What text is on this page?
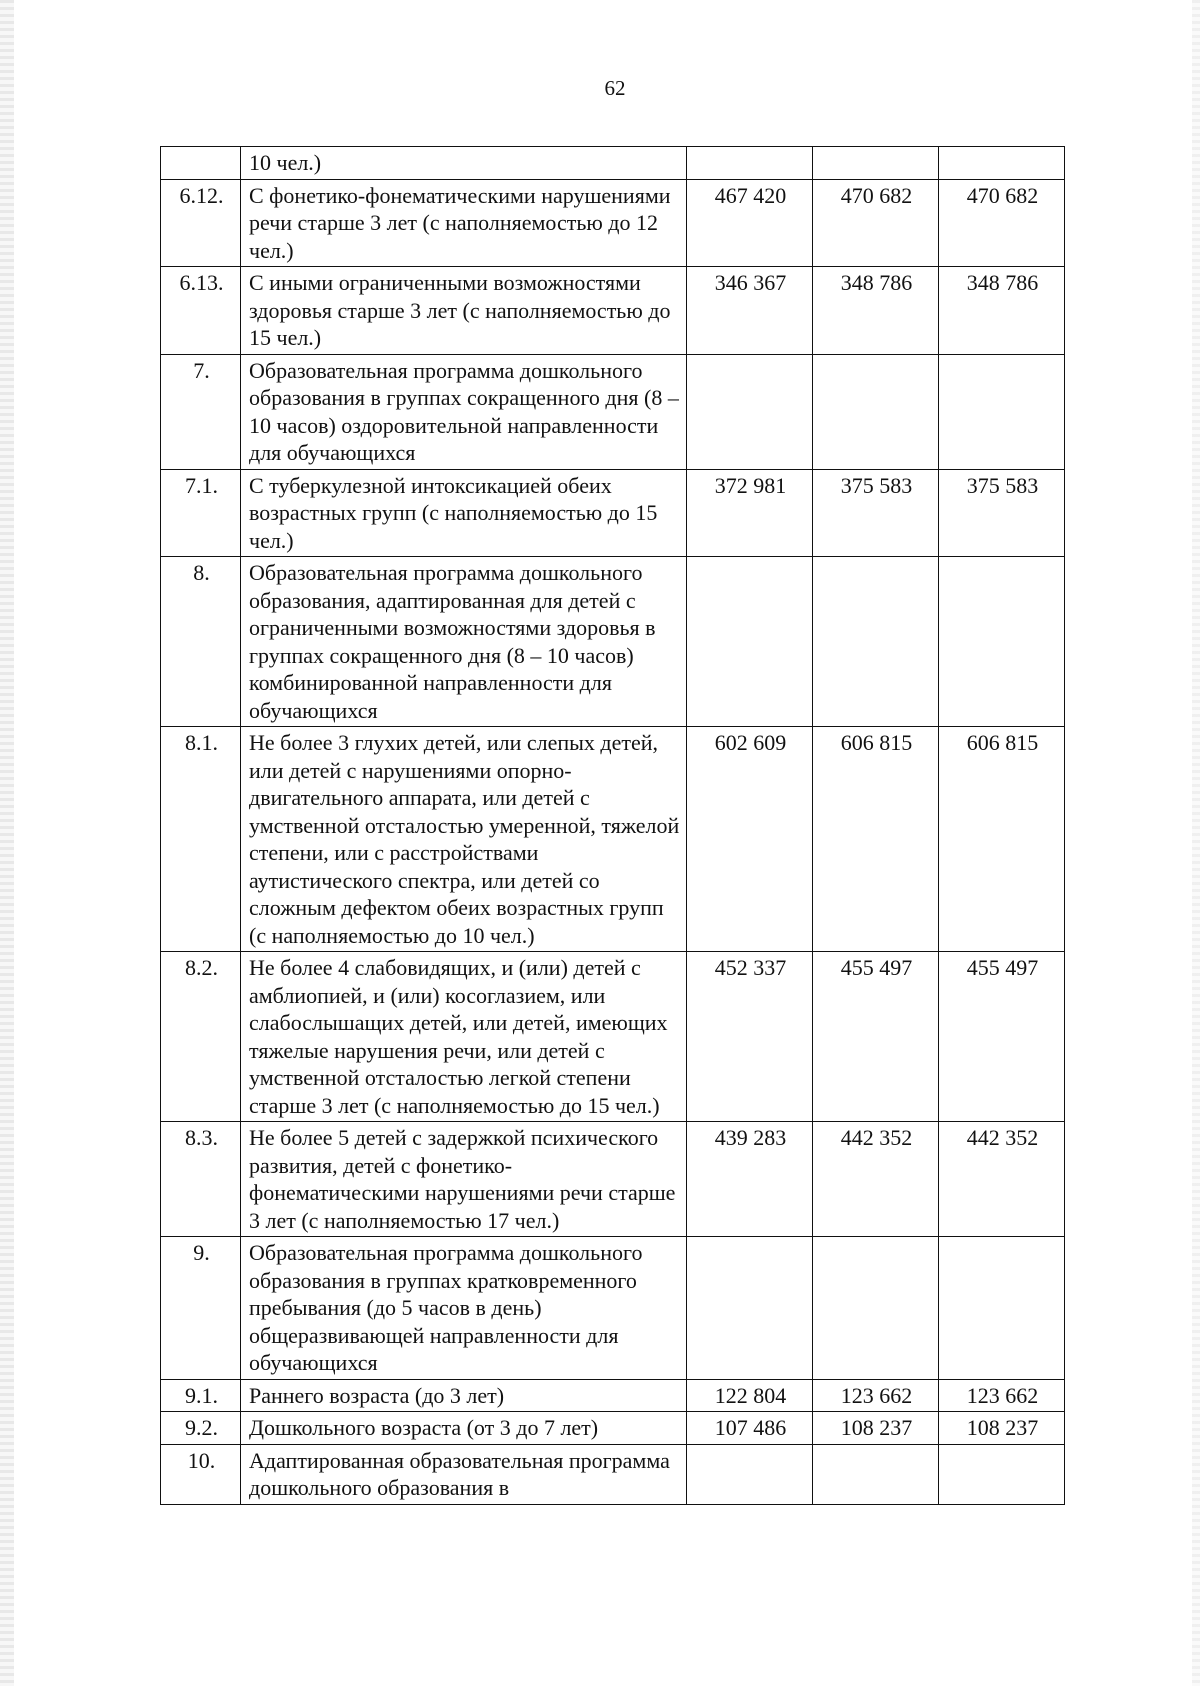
62
	10 чел.)			
6.12.	С фонетико-фонематическими нарушениями речи старше 3 лет (с наполняемостью до 12 чел.)	467 420	470 682	470 682
6.13.	С иными ограниченными возможностями здоровья старше 3 лет (с наполняемостью до 15 чел.)	346 367	348 786	348 786
7.	Образовательная программа дошкольного образования в группах сокращенного дня (8 – 10 часов) оздоровительной направленности для обучающихся			
7.1.	С туберкулезной интоксикацией обеих возрастных групп (с наполняемостью до 15 чел.)	372 981	375 583	375 583
8.	Образовательная программа дошкольного образования, адаптированная для детей с ограниченными возможностями здоровья в группах сокращенного дня (8 – 10 часов) комбинированной направленности для обучающихся			
8.1.	Не более 3 глухих детей, или слепых детей, или детей с нарушениями опорно-двигательного аппарата, или детей с умственной отсталостью умеренной, тяжелой степени, или с расстройствами аутистического спектра, или детей со сложным дефектом обеих возрастных групп (с наполняемостью до 10 чел.)	602 609	606 815	606 815
8.2.	Не более 4 слабовидящих, и (или) детей с амблиопией, и (или) косоглазием, или слабослышащих детей, или детей, имеющих тяжелые нарушения речи, или детей с умственной отсталостью легкой степени старше 3 лет (с наполняемостью до 15 чел.)	452 337	455 497	455 497
8.3.	Не более 5 детей с задержкой психического развития, детей с фонетико-фонематическими нарушениями речи старше 3 лет (с наполняемостью 17 чел.)	439 283	442 352	442 352
9.	Образовательная программа дошкольного образования в группах кратковременного пребывания (до 5 часов в день) общеразвивающей направленности для обучающихся			
9.1.	Раннего возраста (до 3 лет)	122 804	123 662	123 662
9.2.	Дошкольного возраста (от 3 до 7 лет)	107 486	108 237	108 237
10.	Адаптированная образовательная программа дошкольного образования в			
